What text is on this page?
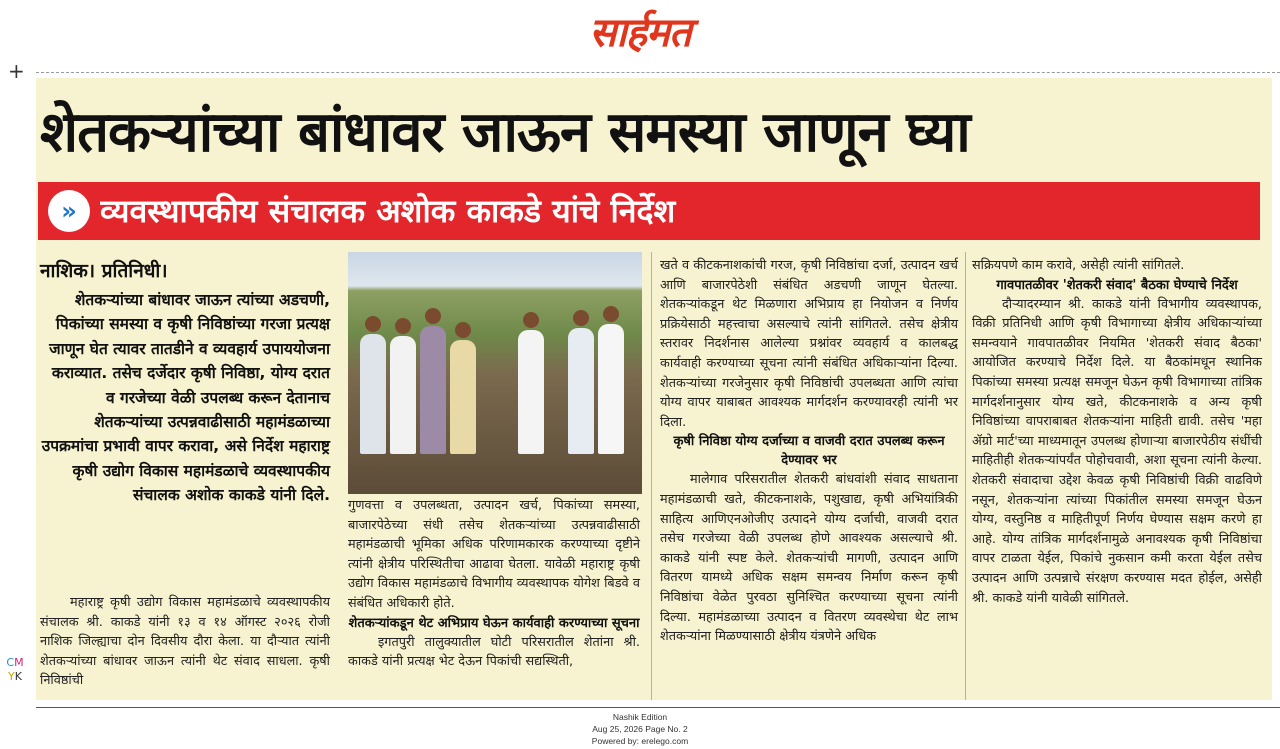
सार्हमत
+
शेतकऱ्यांच्या बांधावर जाऊन समस्या जाणून घ्या
» व्यवस्थापकीय संचालक अशोक काकडे यांचे निर्देश
नाशिक। प्रतिनिधी।

शेतकऱ्यांच्या बांधावर जाऊन त्यांच्या अडचणी, पिकांच्या समस्या व कृषी निविष्ठांच्या गरजा प्रत्यक्ष जाणून घेत त्यावर तातडीने व व्यवहार्य उपाययोजना कराव्यात. तसेच दर्जेदार कृषी निविष्ठा, योग्य दरात व गरजेच्या वेळी उपलब्ध करून देतानाच शेतकऱ्यांच्या उत्पन्नवाढीसाठी महामंडळाच्या उपक्रमांचा प्रभावी वापर करावा, असे निर्देश महाराष्ट्र कृषी उद्योग विकास महामंडळाचे व्यवस्थापकीय संचालक अशोक काकडे यांनी दिले.

महाराष्ट्र कृषी उद्योग विकास महामंडळाचे व्यवस्थापकीय संचालक श्री. काकडे यांनी १३ व १४ ऑगस्ट २०२६ रोजी नाशिक जिल्ह्याचा दोन दिवसीय दौरा केला. या दौऱ्यात त्यांनी शेतकऱ्यांच्या बांधावर जाऊन त्यांनी थेट संवाद साधला. कृषी निविष्ठांची

गुणवत्ता व उपलब्धता, उत्पादन खर्च, पिकांच्या समस्या, बाजारपेठेच्या संधी तसेच शेतकऱ्यांच्या उत्पन्नवाढीसाठी महामंडळाची भूमिका अधिक परिणामकारक करण्याच्या दृष्टीने त्यांनी क्षेत्रीय परिस्थितीचा आढावा घेतला. यावेळी महाराष्ट्र कृषी उद्योग विकास महामंडळाचे विभागीय व्यवस्थापक योगेश बिडवे व संबंधित अधिकारी होते.

शेतकऱ्यांकडून थेट अभिप्राय घेऊन कार्यवाही करण्याच्या सूचना

इगतपुरी तालुक्यातील घोटी परिसरातील शेतांना श्री. काकडे यांनी प्रत्यक्ष भेट देऊन पिकांची सद्यस्थिती,

खते व कीटकनाशकांची गरज, कृषी निविष्ठांचा दर्जा, उत्पादन खर्च आणि बाजारपेठेशी संबंधित अडचणी जाणून घेतल्या. शेतकऱ्यांकडून थेट मिळणारा अभिप्राय हा नियोजन व निर्णय प्रक्रियेसाठी महत्त्वाचा असल्याचे त्यांनी सांगितले. तसेच क्षेत्रीय स्तरावर निदर्शनास आलेल्या प्रश्नांवर व्यवहार्य व कालबद्ध कार्यवाही करण्याच्या सूचना त्यांनी संबंधित अधिकाऱ्यांना दिल्या. शेतकऱ्यांच्या गरजेनुसार कृषी निविष्ठांची उपलब्धता आणि त्यांचा योग्य वापर याबाबत आवश्यक मार्गदर्शन करण्यावरही त्यांनी भर दिला.

कृषी निविष्ठा योग्य दर्जाच्या व वाजवी दरात उपलब्ध करून देण्यावर भर

मालेगाव परिसरातील शेतकरी बांधवांशी संवाद साधताना महामंडळाची खते, कीटकनाशके, पशुखाद्य, कृषी अभियांत्रिकी साहित्य आणिएनओजीए उत्पादने योग्य दर्जाची, वाजवी दरात तसेच गरजेच्या वेळी उपलब्ध होणे आवश्यक असल्याचे श्री. काकडे यांनी स्पष्ट केले. शेतकऱ्यांची मागणी, उत्पादन आणि वितरण यामध्ये अधिक सक्षम समन्वय निर्माण करून कृषी निविष्ठांचा वेळेत पुरवठा सुनिश्चित करण्याच्या सूचना त्यांनी दिल्या. महामंडळाच्या उत्पादन व वितरण व्यवस्थेचा थेट लाभ शेतकऱ्यांना मिळण्यासाठी क्षेत्रीय यंत्रणेने अधिक

सक्रियपणे काम करावे, असेही त्यांनी सांगितले.

गावपातळीवर 'शेतकरी संवाद' बैठका घेण्याचे निर्देश

दौऱ्यादरम्यान श्री. काकडे यांनी विभागीय व्यवस्थापक, विक्री प्रतिनिधी आणि कृषी विभागाच्या क्षेत्रीय अधिकाऱ्यांच्या समन्वयाने गावपातळीवर नियमित 'शेतकरी संवाद बैठका' आयोजित करण्याचे निर्देश दिले. या बैठकांमधून स्थानिक पिकांच्या समस्या प्रत्यक्ष समजून घेऊन कृषी विभागाच्या तांत्रिक मार्गदर्शनानुसार योग्य खते, कीटकनाशके व अन्य कृषी निविष्ठांच्या वापराबाबत शेतकऱ्यांना माहिती द्यावी. तसेच 'महा ॲग्रो मार्ट'च्या माध्यमातून उपलब्ध होणाऱ्या बाजारपेठीय संधींची माहितीही शेतकऱ्यांपर्यंत पोहोचवावी, अशा सूचना त्यांनी केल्या. शेतकरी संवादाचा उद्देश केवळ कृषी निविष्ठांची विक्री वाढविणे नसून, शेतकऱ्यांना त्यांच्या पिकांतील समस्या समजून घेऊन योग्य, वस्तुनिष्ठ व माहितीपूर्ण निर्णय घेण्यास सक्षम करणे हा आहे. योग्य तांत्रिक मार्गदर्शनामुळे अनावश्यक कृषी निविष्ठांचा वापर टाळता येईल, पिकांचे नुकसान कमी करता येईल तसेच उत्पादन आणि उत्पन्नाचे संरक्षण करण्यास मदत होईल, असेही श्री. काकडे यांनी यावेळी सांगितले.

CM
YK
Nashik Edition
Aug 25, 2026 Page No. 2
Powered by: erelego.com
